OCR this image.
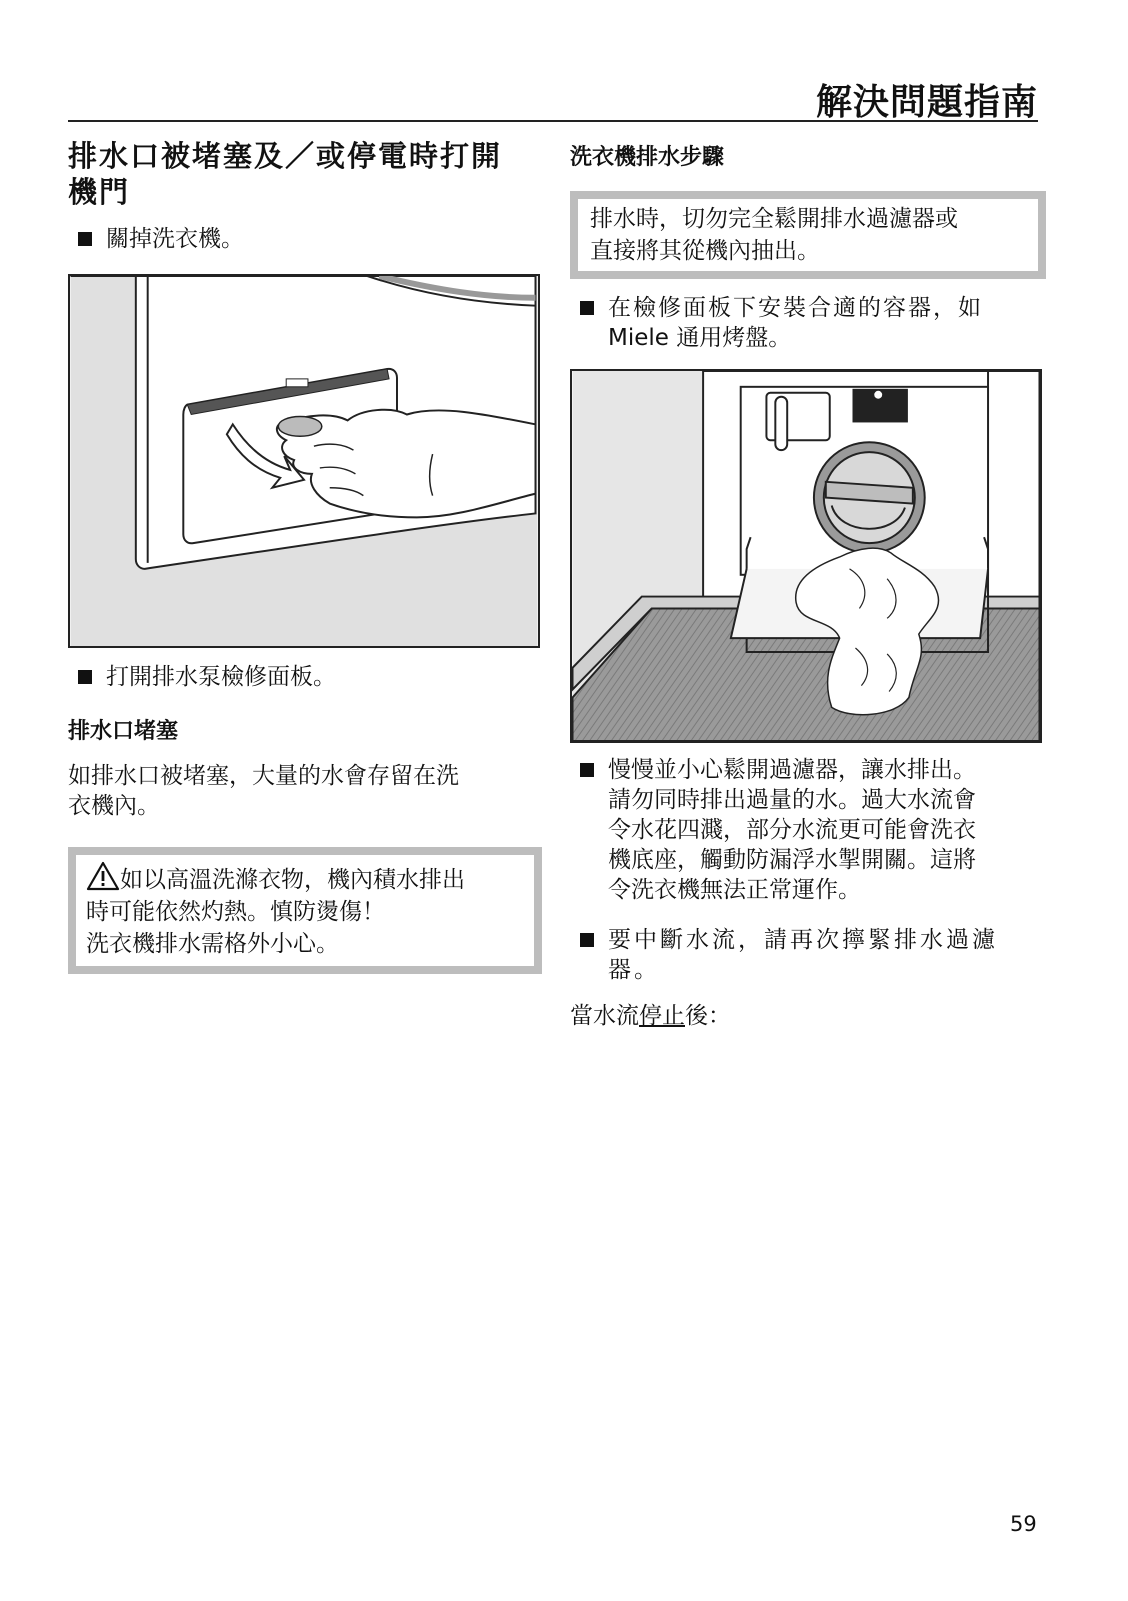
解決問題指南
排水口被堵塞及／或停電時打開
機門
關掉洗衣機。
打開排水泵檢修面板。
排水口堵塞
如排水口被堵塞，大量的水會存留在洗
衣機內。
如以高溫洗滌衣物，機內積水排出
時可能依然灼熱。慎防燙傷！
洗衣機排水需格外小心。
洗衣機排水步驟
排水時，切勿完全鬆開排水過濾器或
直接將其從機內抽出。
在檢修面板下安裝合適的容器，如
Miele 通用烤盤。
慢慢並小心鬆開過濾器，讓水排出。
請勿同時排出過量的水。過大水流會
令水花四濺，部分水流更可能會洗衣
機底座，觸動防漏浮水掣開關。這將
令洗衣機無法正常運作。
要中斷水流，請再次擰緊排水過濾
器。
當水流停止後：
59
